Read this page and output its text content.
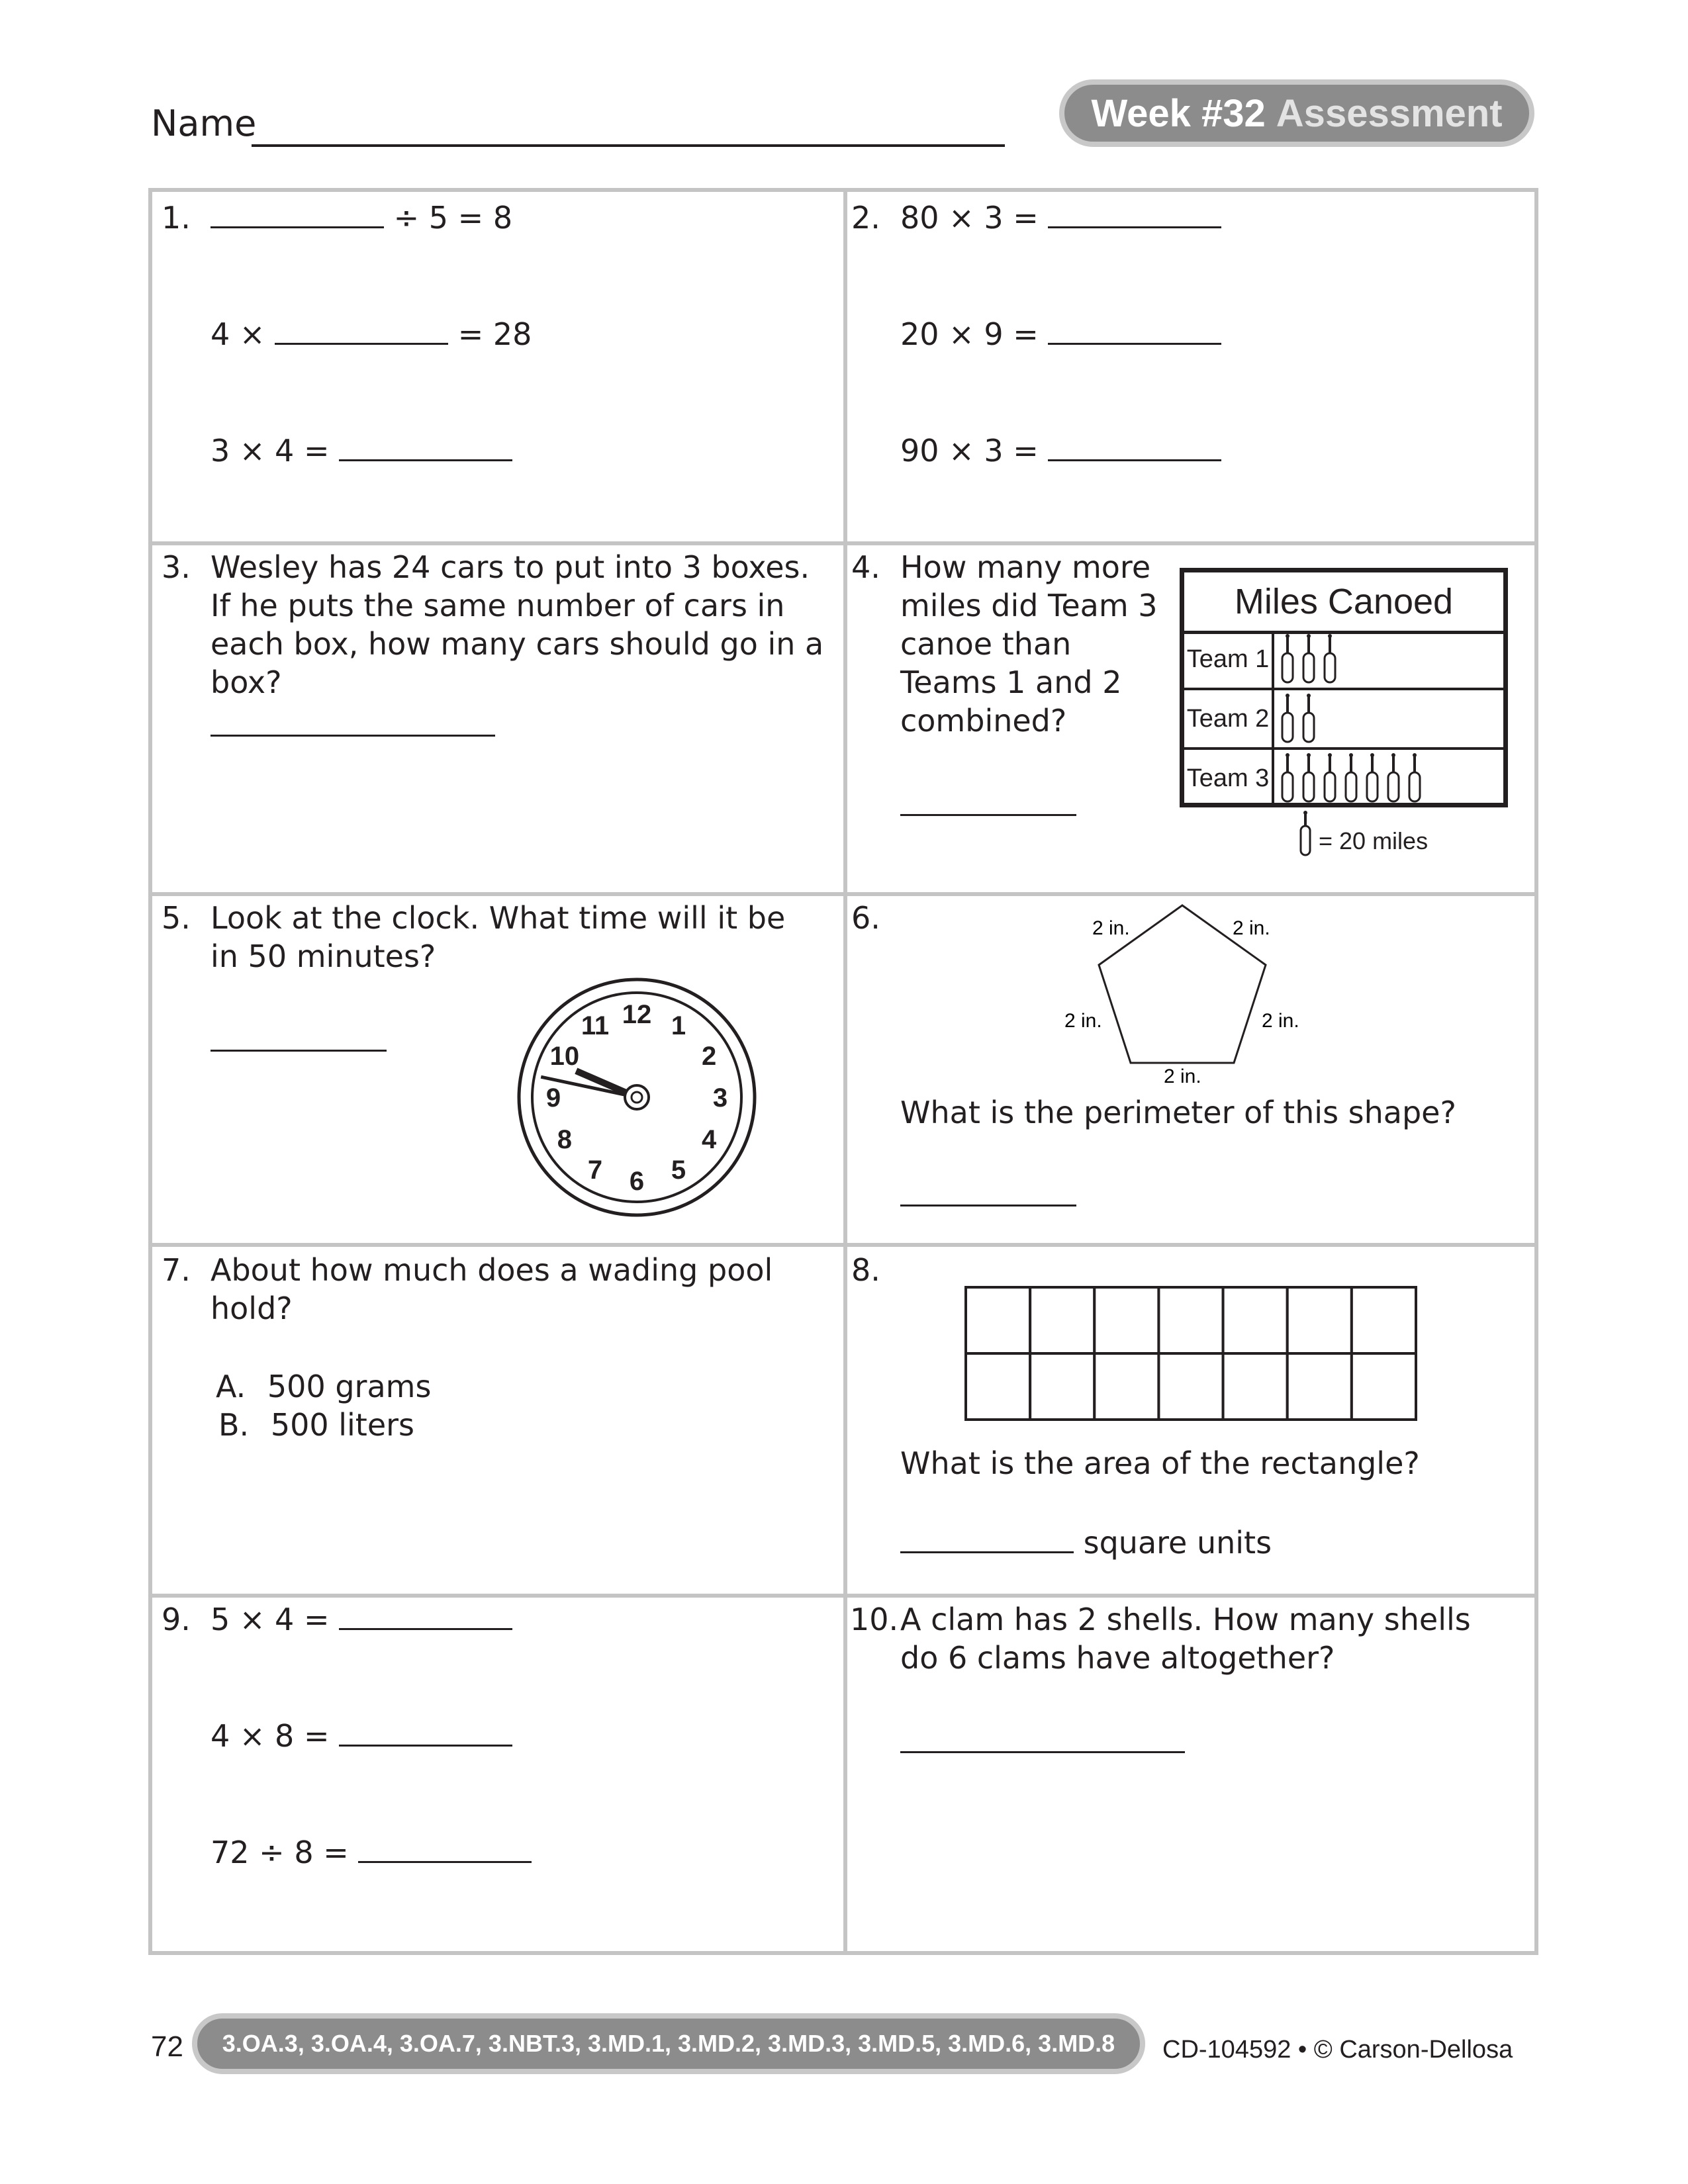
Name	Week #32 Assessment
1.	÷ 5 = 8
4 ×	= 28
3 × 4 =
2. 80 × 3 =
20 × 9 =
90 × 3 =
3. Wesley has 24 cars to put into 3 boxes. If he puts the same number of cars in each box, how many cars should go in a box?
4. How many more miles did Team 3 canoe than Teams 1 and 2 combined?
Miles Canoed
Team 1
Team 2
Team 3
= 20 miles
5. Look at the clock. What time will it be in 50 minutes?
12 1
2
3
4
5
6
7
8
9
10
11
6.	2 in.	2 in.
2 in.	2 in.
2 in.
What is the perimeter of this shape?
7. About how much does a wading pool hold?
A. 500 grams
B. 500 liters
8.
What is the area of the rectangle?
square units
9. 5 × 4 =
4 × 8 =
72 ÷ 8 =
10. A clam has 2 shells. How many shells do 6 clams have altogether?
72 3.OA.3, 3.OA.4, 3.OA.7, 3.NBT.3, 3.MD.1, 3.MD.2, 3.MD.3, 3.MD.5, 3.MD.6, 3.MD.8 CD-104592 • © Carson-Dellosa
